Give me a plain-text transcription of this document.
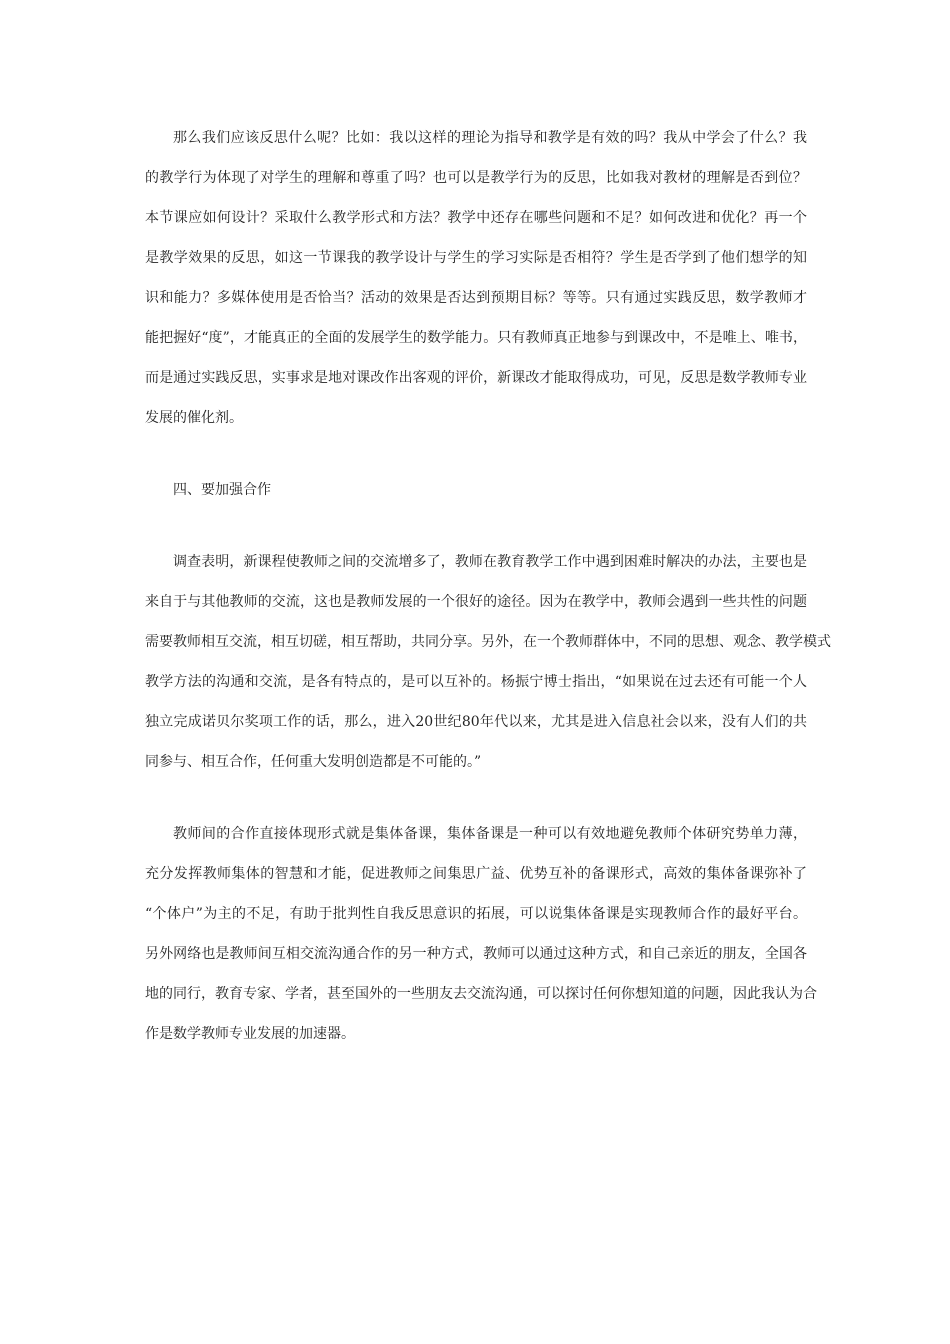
那么我们应该反思什么呢？比如：我以这样的理论为指导和教学是有效的吗？我从中学会了什么？我
的教学行为体现了对学生的理解和尊重了吗？也可以是教学行为的反思，比如我对教材的理解是否到位？
本节课应如何设计？采取什么教学形式和方法？教学中还存在哪些问题和不足？如何改进和优化？再一个
是教学效果的反思，如这一节课我的教学设计与学生的学习实际是否相符？学生是否学到了他们想学的知
识和能力？多媒体使用是否恰当？活动的效果是否达到预期目标？等等。只有通过实践反思，数学教师才
能把握好“度”，才能真正的全面的发展学生的数学能力。只有教师真正地参与到课改中，不是唯上、唯书，
而是通过实践反思，实事求是地对课改作出客观的评价，新课改才能取得成功，可见，反思是数学教师专业
发展的催化剂。
四、要加强合作
调查表明，新课程使教师之间的交流增多了，教师在教育教学工作中遇到困难时解决的办法，主要也是
来自于与其他教师的交流，这也是教师发展的一个很好的途径。因为在教学中，教师会遇到一些共性的问题
需要教师相互交流，相互切磋，相互帮助，共同分享。另外，在一个教师群体中，不同的思想、观念、教学模式
教学方法的沟通和交流，是各有特点的，是可以互补的。杨振宁博士指出，“如果说在过去还有可能一个人
独立完成诺贝尔奖项工作的话，那么，进入20世纪80年代以来，尤其是进入信息社会以来，没有人们的共
同参与、相互合作，任何重大发明创造都是不可能的。”
教师间的合作直接体现形式就是集体备课，集体备课是一种可以有效地避免教师个体研究势单力薄，
充分发挥教师集体的智慧和才能，促进教师之间集思广益、优势互补的备课形式，高效的集体备课弥补了
“个体户”为主的不足，有助于批判性自我反思意识的拓展，可以说集体备课是实现教师合作的最好平台。
另外网络也是教师间互相交流沟通合作的另一种方式，教师可以通过这种方式，和自己亲近的朋友，全国各
地的同行，教育专家、学者，甚至国外的一些朋友去交流沟通，可以探讨任何你想知道的问题，因此我认为合
作是数学教师专业发展的加速器。
